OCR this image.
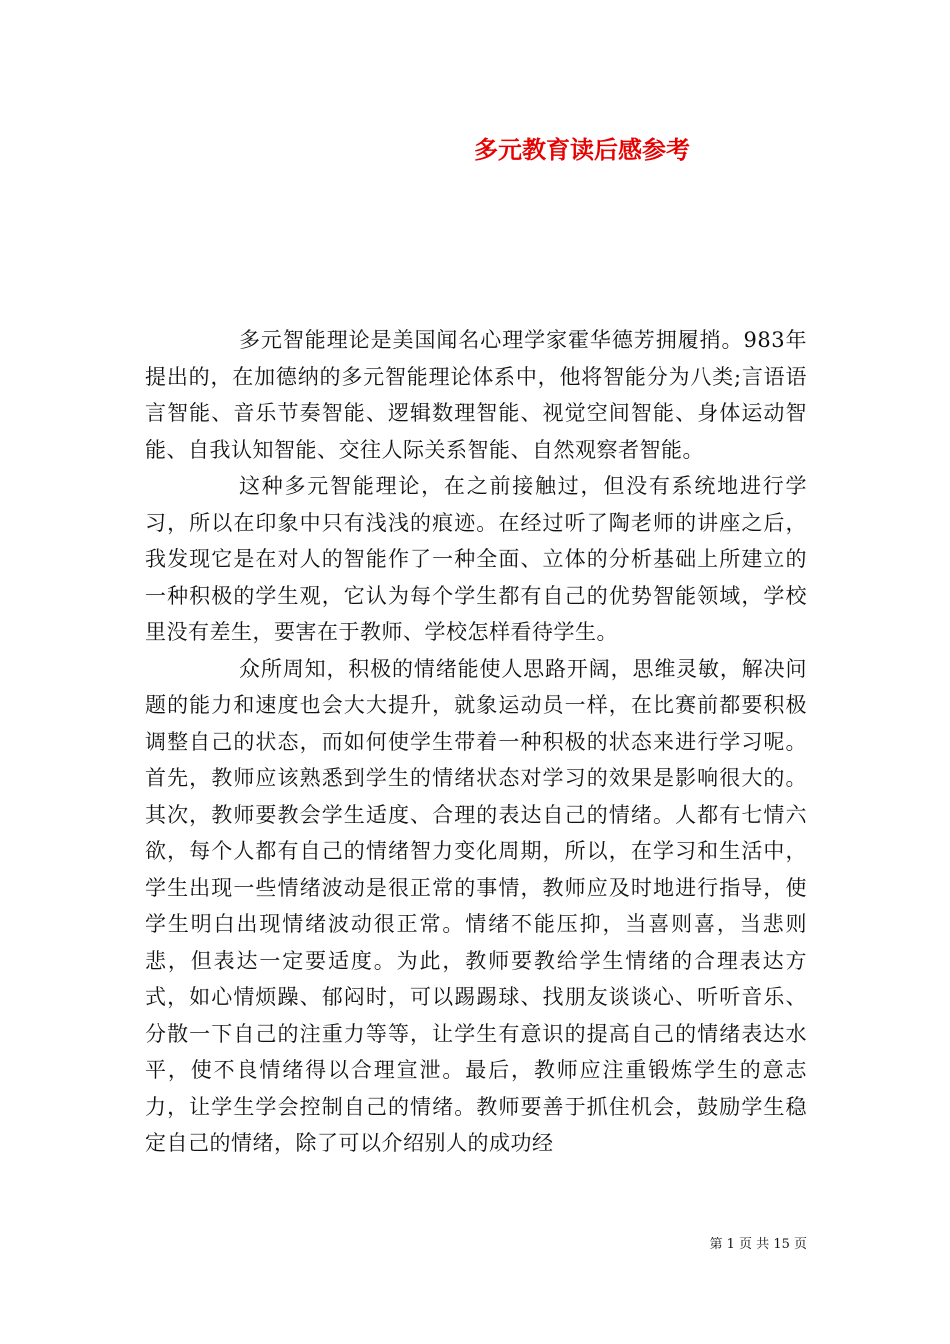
多元教育读后感参考

多元智能理论是美国闻名心理学家霍华德芳拥履捎。983年提出的，在加德纳的多元智能理论体系中，他将智能分为八类;言语语言智能、音乐节奏智能、逻辑数理智能、视觉空间智能、身体运动智能、自我认知智能、交往人际关系智能、自然观察者智能。

这种多元智能理论，在之前接触过，但没有系统地进行学习，所以在印象中只有浅浅的痕迹。在经过听了陶老师的讲座之后，我发现它是在对人的智能作了一种全面、立体的分析基础上所建立的一种积极的学生观，它认为每个学生都有自己的优势智能领域，学校里没有差生，要害在于教师、学校怎样看待学生。

众所周知，积极的情绪能使人思路开阔，思维灵敏，解决问题的能力和速度也会大大提升，就象运动员一样，在比赛前都要积极调整自己的状态，而如何使学生带着一种积极的状态来进行学习呢。首先，教师应该熟悉到学生的情绪状态对学习的效果是影响很大的。其次，教师要教会学生适度、合理的表达自己的情绪。人都有七情六欲，每个人都有自己的情绪智力变化周期，所以，在学习和生活中，学生出现一些情绪波动是很正常的事情，教师应及时地进行指导，使学生明白出现情绪波动很正常。情绪不能压抑，当喜则喜，当悲则悲，但表达一定要适度。为此，教师要教给学生情绪的合理表达方式，如心情烦躁、郁闷时，可以踢踢球、找朋友谈谈心、听听音乐、分散一下自己的注重力等等，让学生有意识的提高自己的情绪表达水平，使不良情绪得以合理宣泄。最后，教师应注重锻炼学生的意志力，让学生学会控制自己的情绪。教师要善于抓住机会，鼓励学生稳定自己的情绪，除了可以介绍别人的成功经

第 1 页 共 15 页
